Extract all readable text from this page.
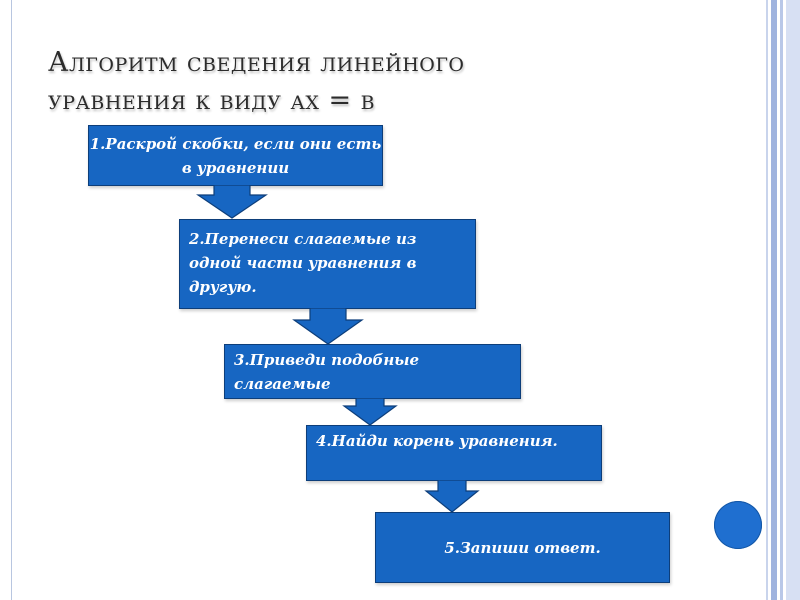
Алгоритм сведения линейного
уравнения к виду ах = в
1.Раскрой скобки, если они есть в уравнении
2.Перенеси слагаемые из одной части уравнения в другую.
3.Приведи подобные слагаемые
4.Найди корень уравнения.
5.Запиши ответ.
